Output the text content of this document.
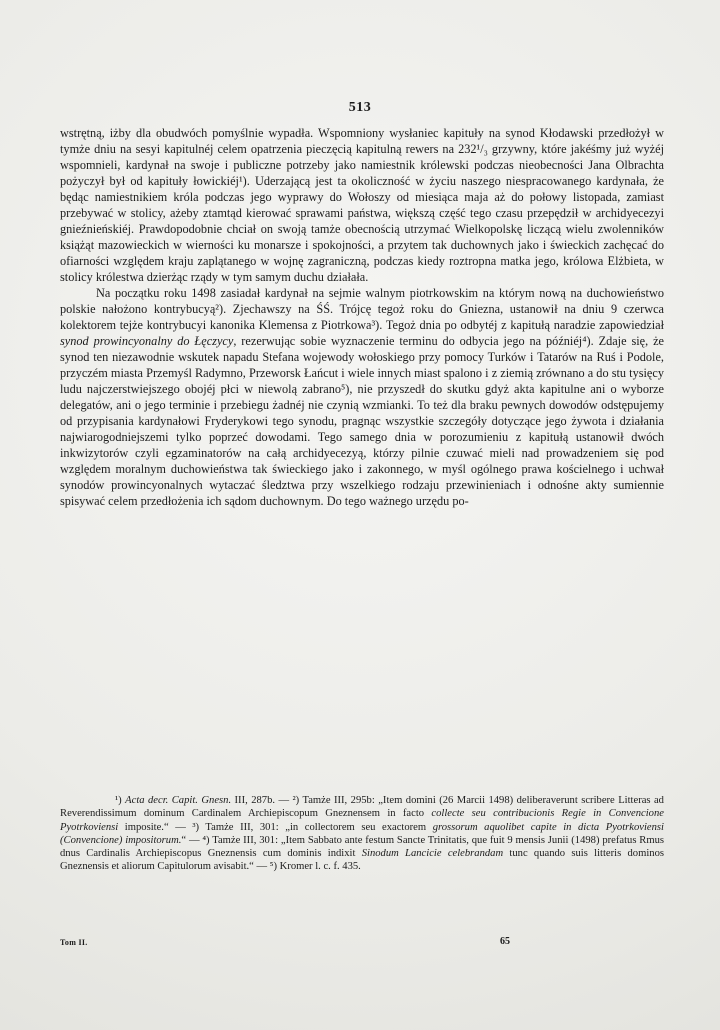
513

wstrętną, iżby dla obudwóch pomyślnie wypadła. Wspomniony wysłaniec kapituły na synod Kłodawski przedłożył w tymże dniu na sesyi kapitulnéj celem opatrzenia pieczęcią kapitulną rewers na 232¹/₃ grzywny, które jakéśmy już wyżéj wspomnieli, kardynał na swoje i publiczne potrzeby jako namiestnik królewski podczas nieobecności Jana Olbrachta pożyczył był od kapituły łowickiéj¹). Uderzającą jest ta okoliczność w życiu naszego niespracowanego kardynała, że będąc namiestnikiem króla podczas jego wyprawy do Wołoszy od miesiąca maja aż do połowy listopada, zamiast przebywać w stolicy, ażeby ztamtąd kierować sprawami państwa, większą część tego czasu przepędził w archidyecezyi gnieźnieńskiéj. Prawdopodobnie chciał on swoją tamże obecnością utrzymać Wielkopolskę liczącą wielu zwolenników książąt mazowieckich w wierności ku monarsze i spokojności, a przytem tak duchownych jako i świeckich zachęcać do ofiarności względem kraju zaplątanego w wojnę zagraniczną, podczas kiedy roztropna matka jego, królowa Elżbieta, w stolicy królestwa dzierżąc rządy w tym samym duchu działała.

Na początku roku 1498 zasiadał kardynał na sejmie walnym piotrkowskim na którym nową na duchowieństwo polskie nałożono kontrybucyą²). Zjechawszy na ŚŚ. Trójcę tegoż roku do Gniezna, ustanowił na dniu 9 czerwca kolektorem tejże kontrybucyi kanonika Klemensa z Piotrkowa³). Tegoż dnia po odbytéj z kapitułą naradzie zapowiedział synod prowincyonalny do Łęczycy, rezerwując sobie wyznaczenie terminu do odbycia jego na późniéj⁴). Zdaje się, że synod ten niezawodnie wskutek napadu Stefana wojewody wołoskiego przy pomocy Turków i Tatarów na Ruś i Podole, przyczém miasta Przemyśl Radymno, Przeworsk Łańcut i wiele innych miast spalono i z ziemią zrównano a do stu tysięcy ludu najczerstwiejszego obojéj płci w niewolą zabrano⁵), nie przyszedł do skutku gdyż akta kapitulne ani o wyborze delegatów, ani o jego terminie i przebiegu żadnéj nie czynią wzmianki. To też dla braku pewnych dowodów odstępujemy od przypisania kardynałowi Fryderykowi tego synodu, pragnąc wszystkie szczegóły dotyczące jego żywota i działania najwiarogodniejszemi tylko poprzeć dowodami. Tego samego dnia w porozumieniu z kapitułą ustanowił dwóch inkwizytorów czyli egzaminatorów na całą archidyecezyą, którzy pilnie czuwać mieli nad prowadzeniem się pod względem moralnym duchowieństwa tak świeckiego jako i zakonnego, w myśl ogólnego prawa kościelnego i uchwał synodów prowincyonalnych wytaczać śledztwa przy wszelkiego rodzaju przewinieniach i odnośne akty sumiennie spisywać celem przedłożenia ich sądom duchownym. Do tego ważnego urzędu po-

¹) Acta decr. Capit. Gnesn. III, 287b. — ²) Tamże III, 295b: „Item domini (26 Marcii 1498) deliberaverunt scribere Litteras ad Reverendissimum dominum Cardinalem Archiepiscopum Gneznensem in facto collecte seu contribucionis Regie in Convencione Pyotrkoviensi imposite.“ — ³) Tamże III, 301: „in collectorem seu exactorem grossorum aquolibet capite in dicta Pyotrkoviensi (Convencione) impositorum.“ — ⁴) Tamże III, 301: „Item Sabbato ante festum Sancte Trinitatis, que fuit 9 mensis Junii (1498) prefatus Rmus dnus Cardinalis Archiepiscopus Gneznensis cum dominis indixit Sinodum Lancicie celebrandam tunc quando suis litteris dominos Gneznensis et aliorum Capitulorum avisabit.“ — ⁵) Kromer l. c. f. 435.

Tom II.	65
